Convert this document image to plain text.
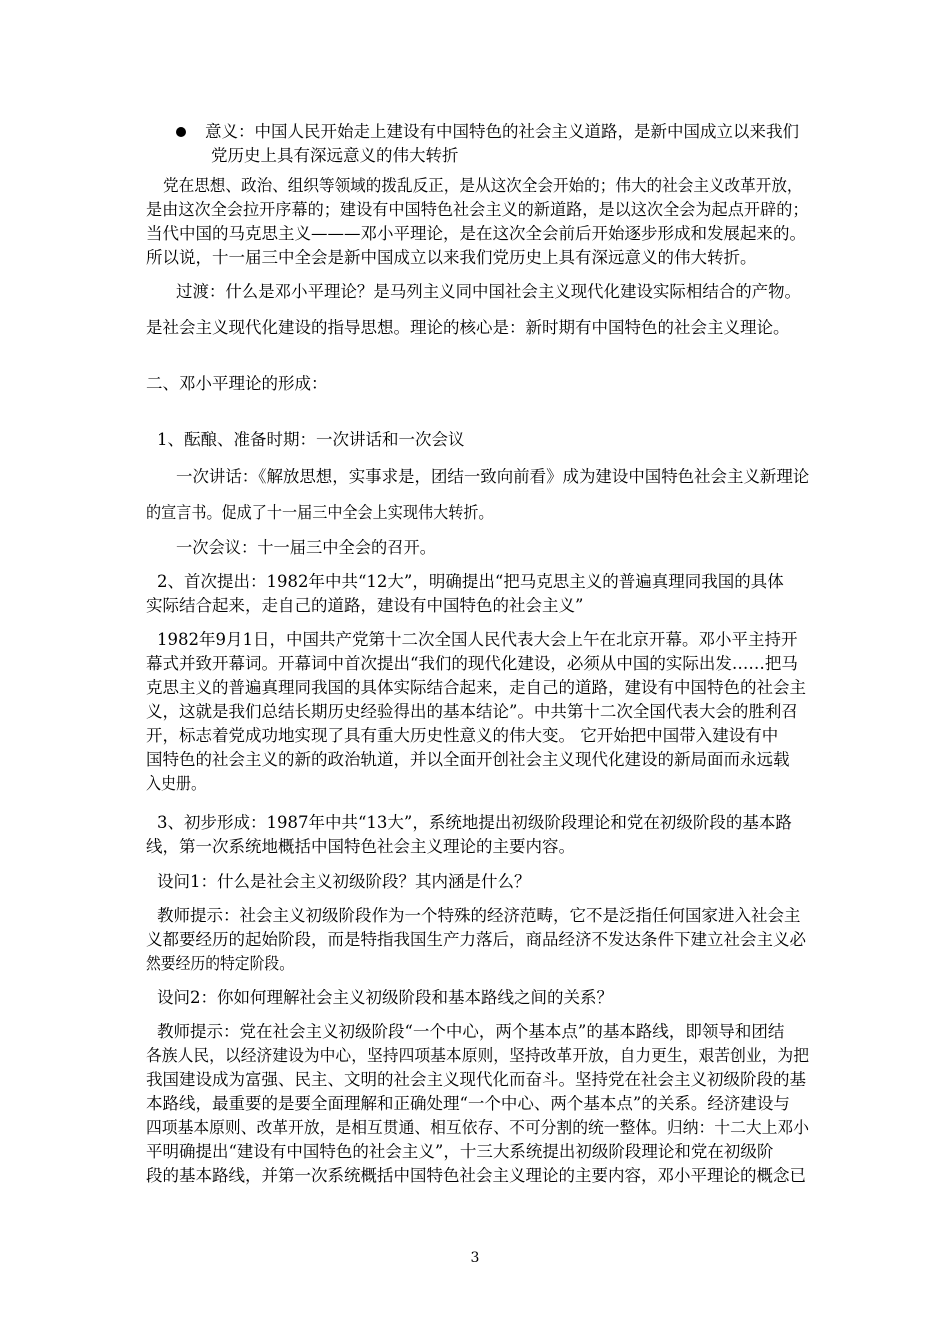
意义：中国人民开始走上建设有中国特色的社会主义道路，是新中国成立以来我们
党历史上具有深远意义的伟大转折
党在思想、政治、组织等领域的拨乱反正，是从这次全会开始的；伟大的社会主义改革开放，
是由这次全会拉开序幕的；建设有中国特色社会主义的新道路，是以这次全会为起点开辟的；
当代中国的马克思主义———邓小平理论，是在这次全会前后开始逐步形成和发展起来的。
所以说，十一届三中全会是新中国成立以来我们党历史上具有深远意义的伟大转折。
过渡：什么是邓小平理论？是马列主义同中国社会主义现代化建设实际相结合的产物。
是社会主义现代化建设的指导思想。理论的核心是：新时期有中国特色的社会主义理论。
二、邓小平理论的形成：
1、酝酿、准备时期：一次讲话和一次会议
一次讲话：《解放思想，实事求是，团结一致向前看》成为建设中国特色社会主义新理论
的宣言书。促成了十一届三中全会上实现伟大转折。
一次会议：十一届三中全会的召开。
2、首次提出：1982年中共“12大”，明确提出“把马克思主义的普遍真理同我国的具体
实际结合起来，走自己的道路，建设有中国特色的社会主义”
1982年9月1日，中国共产党第十二次全国人民代表大会上午在北京开幕。邓小平主持开
幕式并致开幕词。开幕词中首次提出“我们的现代化建设，必须从中国的实际出发……把马
克思主义的普遍真理同我国的具体实际结合起来，走自己的道路，建设有中国特色的社会主
义，这就是我们总结长期历史经验得出的基本结论”。中共第十二次全国代表大会的胜利召
开，标志着党成功地实现了具有重大历史性意义的伟大变。 它开始把中国带入建设有中
国特色的社会主义的新的政治轨道，并以全面开创社会主义现代化建设的新局面而永远载
入史册。
3、初步形成：1987年中共“13大”，系统地提出初级阶段理论和党在初级阶段的基本路
线，第一次系统地概括中国特色社会主义理论的主要内容。
设问1：什么是社会主义初级阶段？其内涵是什么？
教师提示：社会主义初级阶段作为一个特殊的经济范畴，它不是泛指任何国家进入社会主
义都要经历的起始阶段，而是特指我国生产力落后，商品经济不发达条件下建立社会主义必
然要经历的特定阶段。
设问2：你如何理解社会主义初级阶段和基本路线之间的关系？
教师提示：党在社会主义初级阶段“一个中心，两个基本点”的基本路线，即领导和团结
各族人民，以经济建设为中心，坚持四项基本原则，坚持改革开放，自力更生，艰苦创业，为把
我国建设成为富强、民主、文明的社会主义现代化而奋斗。坚持党在社会主义初级阶段的基
本路线，最重要的是要全面理解和正确处理“一个中心、两个基本点”的关系。经济建设与
四项基本原则、改革开放，是相互贯通、相互依存、不可分割的统一整体。归纳：十二大上邓小
平明确提出“建设有中国特色的社会主义”，十三大系统提出初级阶段理论和党在初级阶
段的基本路线，并第一次系统概括中国特色社会主义理论的主要内容，邓小平理论的概念已
3
